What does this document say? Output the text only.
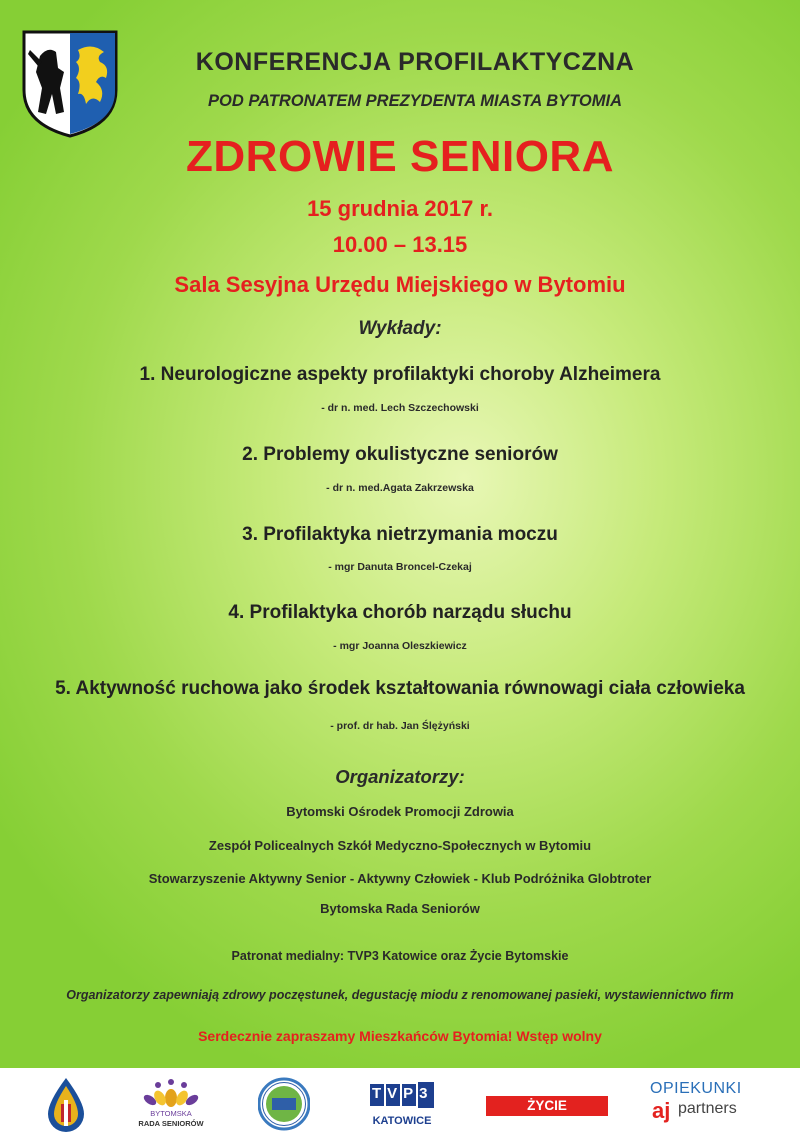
KONFERENCJA PROFILAKTYCZNA
POD PATRONATEM PREZYDENTA MIASTA BYTOMIA
ZDROWIE SENIORA
15 grudnia 2017 r.
10.00 – 13.15
Sala Sesyjna Urzędu Miejskiego w Bytomiu
Wykłady:
1. Neurologiczne aspekty profilaktyki choroby Alzheimera
- dr n. med. Lech Szczechowski
2. Problemy okulistyczne seniorów
- dr n. med.Agata Zakrzewska
3. Profilaktyka nietrzymania moczu
- mgr Danuta Broncel-Czekaj
4. Profilaktyka chorób narządu słuchu
- mgr Joanna Oleszkiewicz
5. Aktywność ruchowa jako środek kształtowania równowagi ciała człowieka
- prof. dr hab. Jan Ślężyński
Organizatorzy:
Bytomski Ośrodek Promocji Zdrowia
Zespół Policealnych Szkół Medyczno-Społecznych w Bytomiu
Stowarzyszenie Aktywny Senior - Aktywny Człowiek - Klub Podróżnika Globtroter
Bytomska Rada Seniorów
Patronat medialny: TVP3 Katowice oraz Życie Bytomskie
Organizatorzy zapewniają zdrowy poczęstunek, degustację miodu z renomowanej pasieki, wystawiennictwo firm
Serdecznie zapraszamy Mieszkańców Bytomia! Wstęp wolny
BYTOMSKA
RADA SENIORÓW
TVP3
KATOWICE
ŻYCIE BYTOMSKIE
OPIEKUNKI
aj partners
